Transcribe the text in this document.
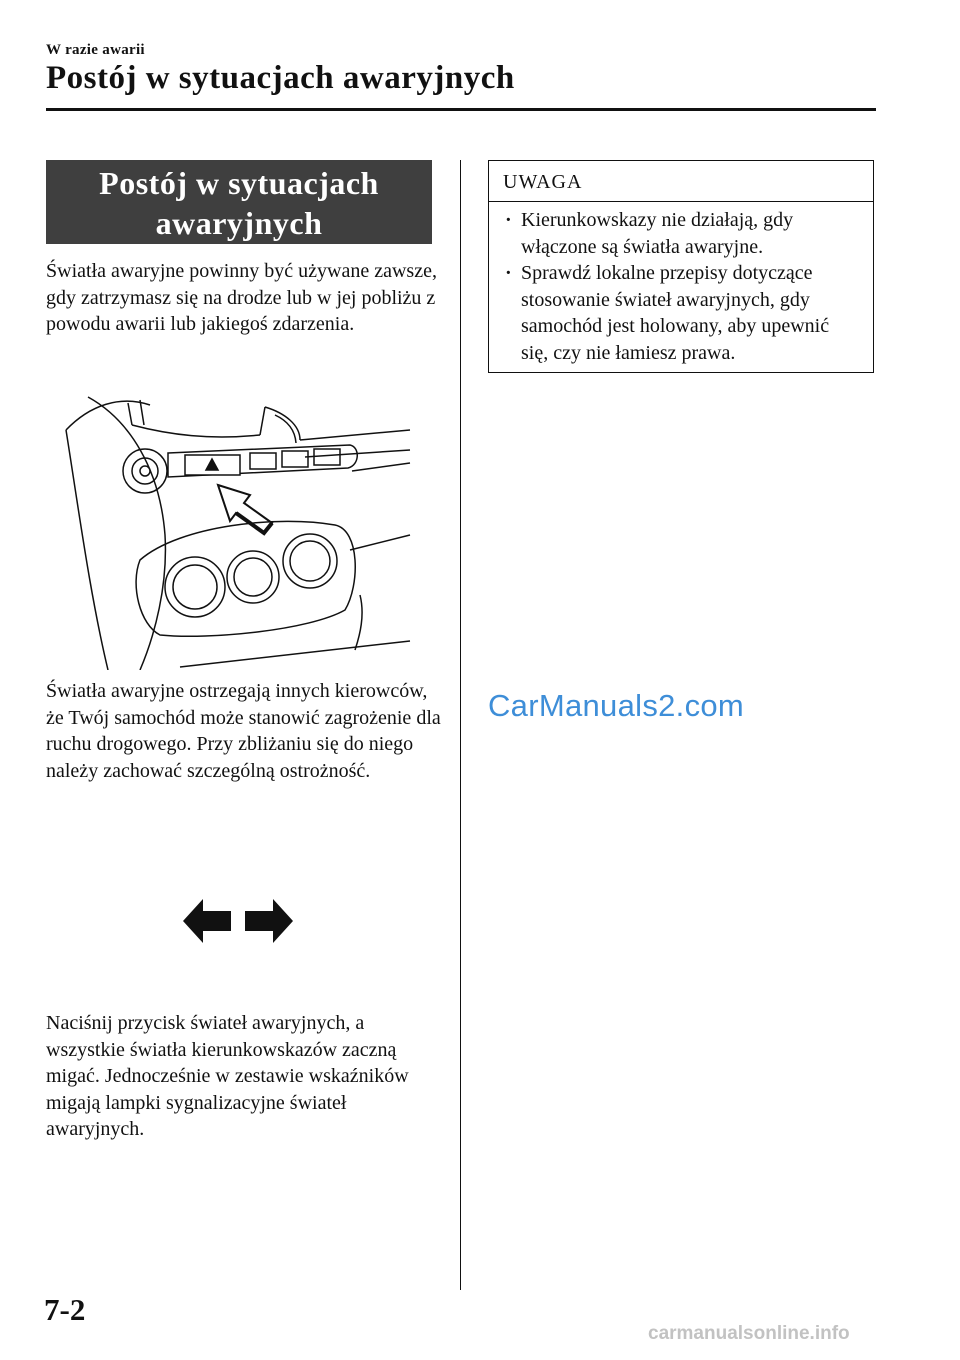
W razie awarii
Postój w sytuacjach awaryjnych
Postój w sytuacjach
awaryjnych

Światła awaryjne powinny być używane zawsze, gdy zatrzymasz się na drodze lub w jej pobliżu z powodu awarii lub jakiegoś zdarzenia.

Światła awaryjne ostrzegają innych kierowców, że Twój samochód może stanowić zagrożenie dla ruchu drogowego. Przy zbliżaniu się do niego należy zachować szczególną ostrożność.

Naciśnij przycisk świateł awaryjnych, a wszystkie światła kierunkowskazów zaczną migać. Jednocześnie w zestawie wskaźników migają lampki sygnalizacyjne świateł awaryjnych.

UWAGA
· Kierunkowskazy nie działają, gdy włączone są światła awaryjne.
· Sprawdź lokalne przepisy dotyczące stosowanie świateł awaryjnych, gdy samochód jest holowany, aby upewnić się, czy nie łamiesz prawa.
CarManuals2.com
7-2
carmanualsonline.info
